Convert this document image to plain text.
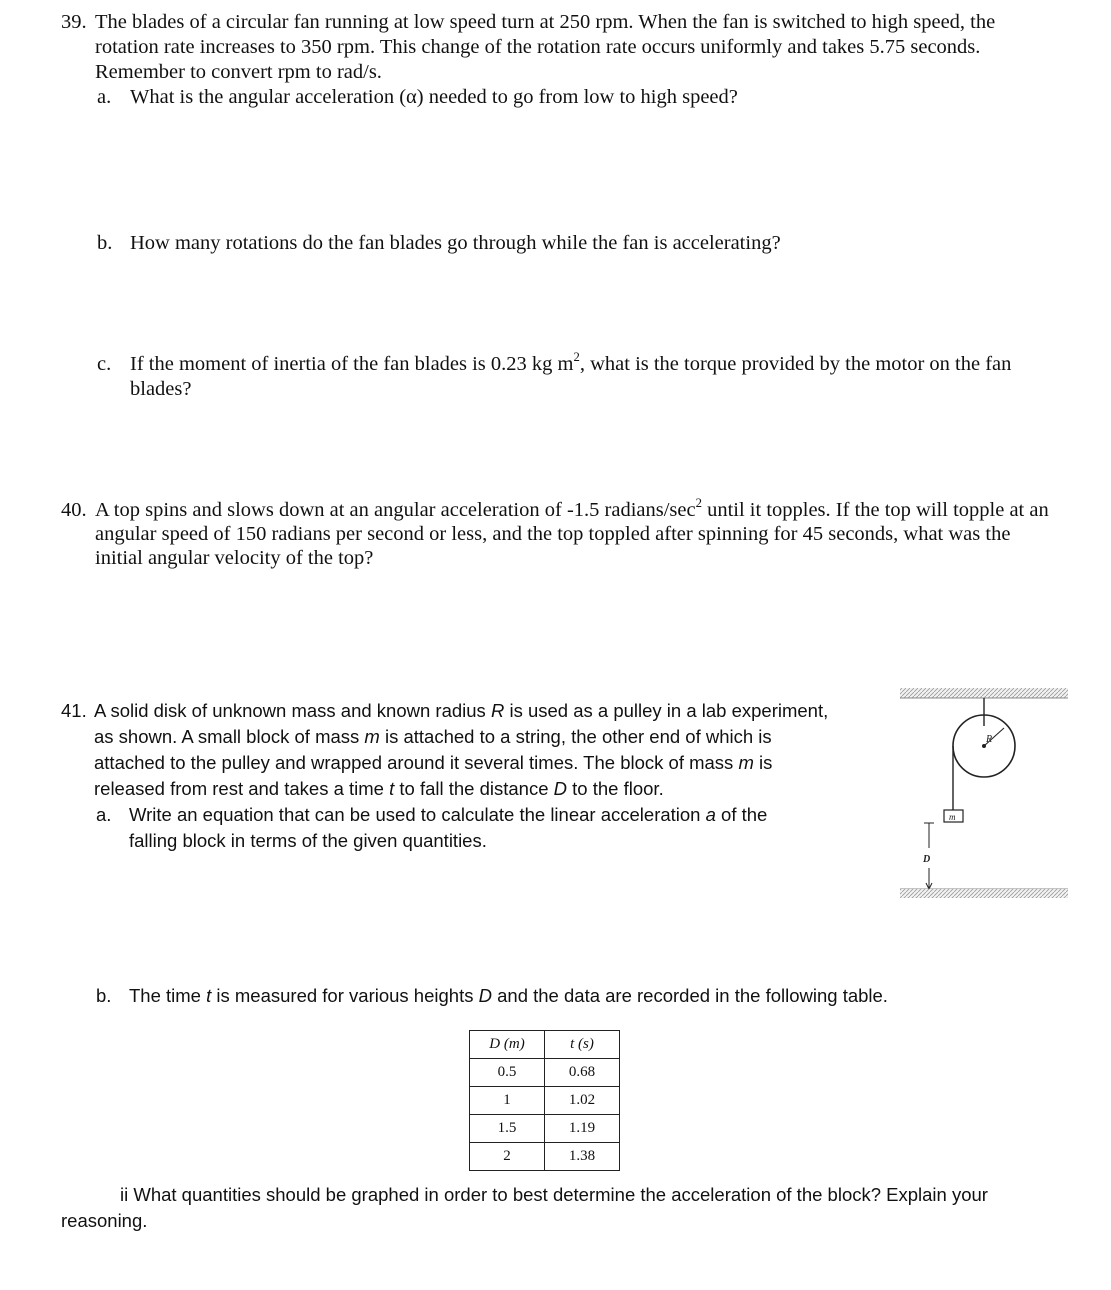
39. The blades of a circular fan running at low speed turn at 250 rpm. When the fan is switched to high speed, the

rotation rate increases to 350 rpm. This change of the rotation rate occurs uniformly and takes 5.75 seconds.

Remember to convert rpm to rad/s.

a. What is the angular acceleration (α) needed to go from low to high speed?

b. How many rotations do the fan blades go through while the fan is accelerating?

c. If the moment of inertia of the fan blades is 0.23 kg $m^2$, what is the torque provided by the motor on the fan

blades?

40. A top spins and slows down at an angular acceleration of -1.5 radians/$\sec^2$ until it topples. If the top will topple at an

angular speed of 150 radians per second or less, and the top toppled after spinning for 45 seconds, what was the

initial angular velocity of the top?

41. A solid disk of unknown mass and known radius R is used as a pulley in a lab experiment,

as shown. A small block of mass m is attached to a string, the other end of which is

attached to the pulley and wrapped around it several times. The block of mass m is

released from rest and takes a time t to fall the distance D to the floor.

a. Write an equation that can be used to calculate the linear acceleration a of the

falling block in terms of the given quantities.

R
m
D
b. The time t is measured for various heights D and the data are recorded in the following table.

D (m)	t (s)
0.5	0.68
1	1.02
1.5	1.19
2	1.38

ii What quantities should be graphed in order to best determine the acceleration of the block? Explain your

reasoning.
